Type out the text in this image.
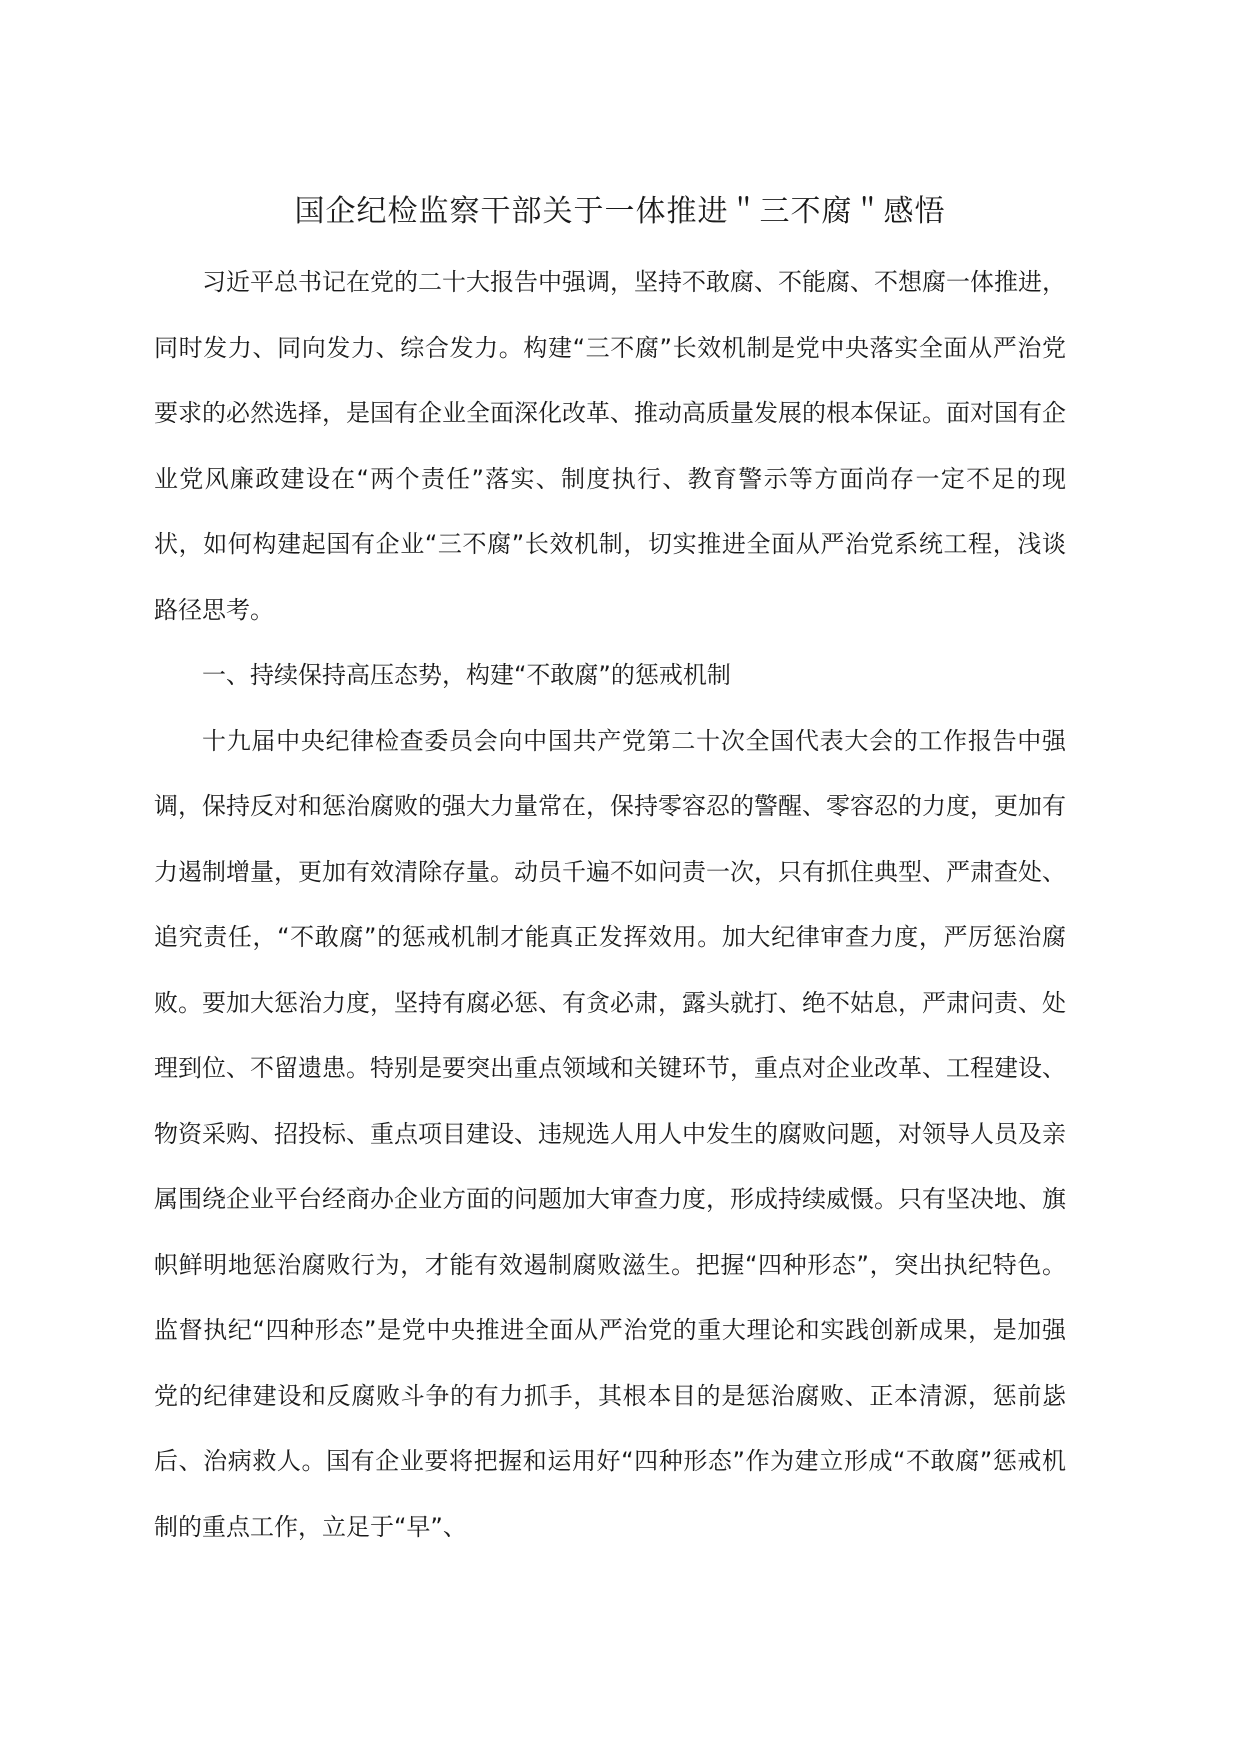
国企纪检监察干部关于一体推进＂三不腐＂感悟

习近平总书记在党的二十大报告中强调，坚持不敢腐、不能腐、不想腐一体推进，同时发力、同向发力、综合发力。构建“三不腐”长效机制是党中央落实全面从严治党要求的必然选择，是国有企业全面深化改革、推动高质量发展的根本保证。面对国有企业党风廉政建设在“两个责任”落实、制度执行、教育警示等方面尚存一定不足的现状，如何构建起国有企业“三不腐”长效机制，切实推进全面从严治党系统工程，浅谈路径思考。

一、持续保持高压态势，构建“不敢腐”的惩戒机制

十九届中央纪律检查委员会向中国共产党第二十次全国代表大会的工作报告中强调，保持反对和惩治腐败的强大力量常在，保持零容忍的警醒、零容忍的力度，更加有力遏制增量，更加有效清除存量。动员千遍不如问责一次，只有抓住典型、严肃查处、追究责任，“不敢腐”的惩戒机制才能真正发挥效用。加大纪律审查力度，严厉惩治腐败。要加大惩治力度，坚持有腐必惩、有贪必肃，露头就打、绝不姑息，严肃问责、处理到位、不留遗患。特别是要突出重点领域和关键环节，重点对企业改革、工程建设、物资采购、招投标、重点项目建设、违规选人用人中发生的腐败问题，对领导人员及亲属围绕企业平台经商办企业方面的问题加大审查力度，形成持续威慑。只有坚决地、旗帜鲜明地惩治腐败行为，才能有效遏制腐败滋生。把握“四种形态”，突出执纪特色。监督执纪“四种形态”是党中央推进全面从严治党的重大理论和实践创新成果，是加强党的纪律建设和反腐败斗争的有力抓手，其根本目的是惩治腐败、正本清源，惩前毖后、治病救人。国有企业要将把握和运用好“四种形态”作为建立形成“不敢腐”惩戒机制的重点工作，立足于“早”、
